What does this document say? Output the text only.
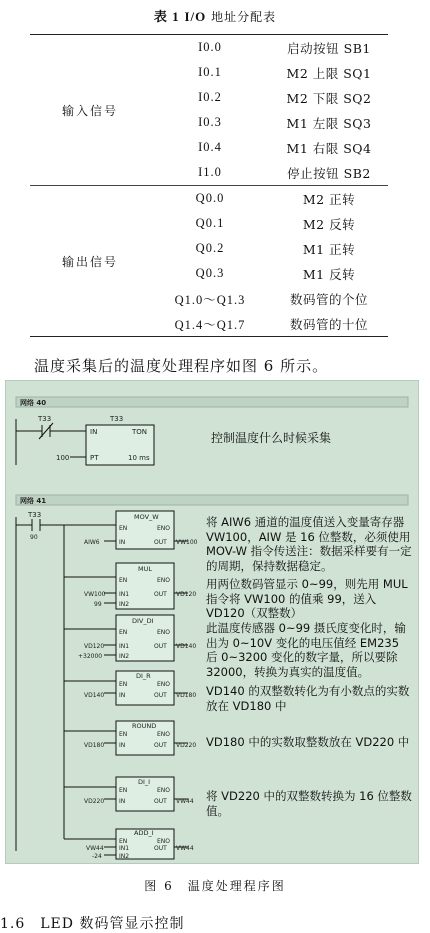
表 1 I/O 地址分配表
输入信号
I0.0	启动按钮 SB1
I0.1	M2 上限 SQ1
I0.2	M2 下限 SQ2
I0.3	M1 左限 SQ3
I0.4	M1 右限 SQ4
I1.0	停止按钮 SB2
输出信号
Q0.0	M2 正转
Q0.1	M2 反转
Q0.2	M1 正转
Q0.3	M1 反转
Q1.0～Q1.3	数码管的个位
Q1.4～Q1.7	数码管的十位
温度采集后的温度处理程序如图 6 所示。
网络 40
T33	T33
IN	TON
PT
100	10 ms
网络 41
T33
90
MOV_W
EN	ENO
IN	OUT
AIW6	VW100
MUL
EN	ENO
IN1	OUT
IN2
VW100
99
VD120
DIV_DI
EN	ENO
IN1	OUT
IN2
VD120
+32000
VD140
DI_R
EN	ENO
IN	OUT
VD140	VD180
ROUND
EN	ENO
IN	OUT
VD180	VD220
DI_I
EN	ENO
IN	OUT
VD220	VW44
ADD_I
EN	ENO
IN1	OUT
IN2
VW44
-24
VW44
控制温度什么时候采集
将 AIW6 通道的温度值送入变量寄存器 VW100，AIW 是 16 位整数，必须使用 MOV-W 指令传送注：数据采样要有一定的周期，保持数据稳定。
用两位数码管显示 0~99，则先用 MUL 指令将 VW100 的值乘 99，送入 VD120（双整数）
此温度传感器 0~99 摄氏度变化时，输出为 0~10V 变化的电压值经 EM235 后 0~3200 变化的数字量，所以要除 32000，转换为真实的温度值。
VD140 的双整数转化为有小数点的实数放在 VD180 中
VD180 中的实数取整数放在 VD220 中
将 VD220 中的双整数转换为 16 位整数值。
图 6　温度处理程序图
1.6　LED 数码管显示控制
